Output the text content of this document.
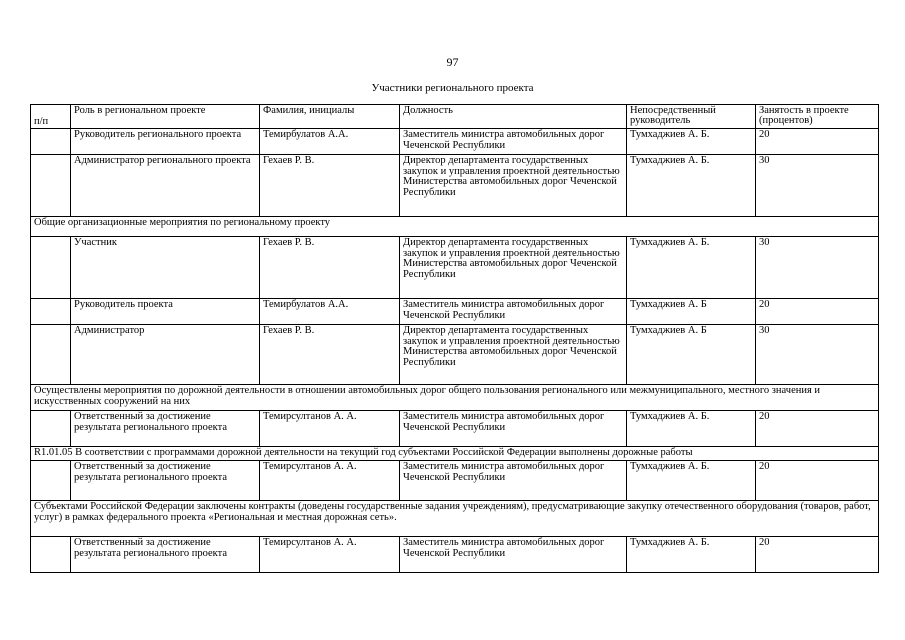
97
Участники регионального проекта
п/п	Роль в региональном проекте	Фамилия, инициалы	Должность	Непосредственный руководитель	Занятость в проекте (процентов)
	Руководитель регионального проекта	Темирбулатов А.А.	Заместитель министра автомобильных дорог Чеченской Республики	Тумхаджиев А. Б.	20
	Администратор регионального проекта	Гехаев Р. В.	Директор департамента государственных закупок и управления проектной деятельностью Министерства автомобильных дорог Чеченской Республики	Тумхаджиев А. Б.	30
Общие организационные мероприятия по региональному проекту					
	Участник	Гехаев Р. В.	Директор департамента государственных закупок и управления проектной деятельностью Министерства автомобильных дорог Чеченской Республики	Тумхаджиев А. Б.	30
	Руководитель проекта	Темирбулатов А.А.	Заместитель министра автомобильных дорог Чеченской Республики	Тумхаджиев А. Б	20
	Администратор	Гехаев Р. В.	Директор департамента государственных закупок и управления проектной деятельностью Министерства автомобильных дорог Чеченской Республики	Тумхаджиев А. Б	30
Осуществлены мероприятия по дорожной деятельности в отношении автомобильных дорог общего пользования регионального или межмуниципального, местного значения и искусственных сооружений на них					
	Ответственный за достижение результата регионального проекта	Темирсултанов А. А.	Заместитель министра автомобильных дорог Чеченской Республики	Тумхаджиев А. Б.	20
R1.01.05 В соответствии с программами дорожной деятельности на текущий год субъектами Российской Федерации выполнены дорожные работы					
	Ответственный за достижение результата регионального проекта	Темирсултанов А. А.	Заместитель министра автомобильных дорог Чеченской Республики	Тумхаджиев А. Б.	20
Субъектами Российской Федерации заключены контракты (доведены государственные задания учреждениям), предусматривающие закупку отечественного оборудования (товаров, работ, услуг) в рамках федерального проекта «Региональная и местная дорожная сеть».					
	Ответственный за достижение результата регионального проекта	Темирсултанов А. А.	Заместитель министра автомобильных дорог Чеченской Республики	Тумхаджиев А. Б.	20
